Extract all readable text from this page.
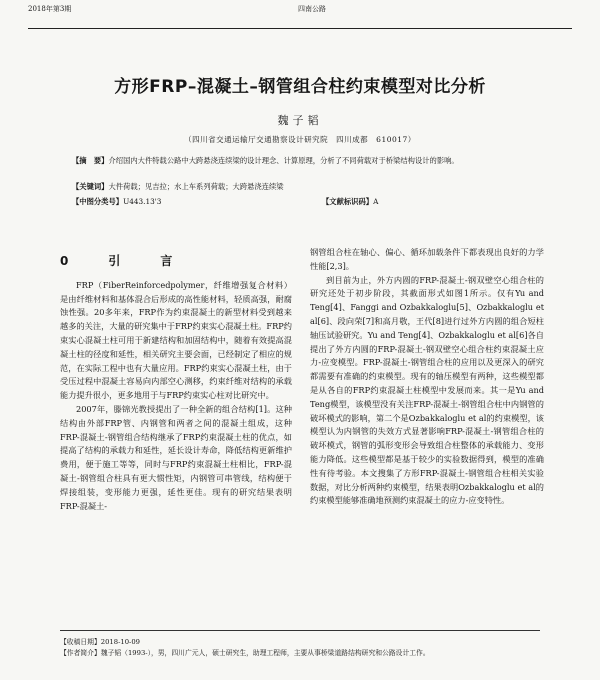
2018年第3期	四南公路
方形FRP–混凝土–钢管组合柱约束模型对比分析
魏子韬
（四川省交通运输厅交通勘察设计研究院　四川成都　610017）
【摘　要】介绍国内大件特载公路中大跨悬浇连续梁的设计理念、计算原理，分析了不同荷载对于桥梁结构设计的影响。
【关键词】大件荷载；见吉拉；水上车系列荷载；大跨悬浇连续梁
【中图分类号】U443.13'3	【文献标识码】A
0　引　言

FRP（FiberReinforcedpolymer，纤维增强复合材料）是由纤维材料和基体混合后形成的高性能材料，轻质高强，耐腐蚀性强。20多年来，FRP作为约束混凝土的新型材料受到越来越多的关注，大量的研究集中于FRP约束实心混凝土柱。FRP约束实心混凝土柱可用于新建结构和加固结构中，随着有效提高混凝土柱的径度和延性，相关研究主要会面，已经制定了相应的规范，在实际工程中也有大量应用。FRP约束实心混凝土柱，由于受压过程中混凝土容易向内部空心测移，约束纤维对结构的承载能力提升很小，更多地用于与FRP约束实心柱对比研究中。

2007年，滕锦光教授提出了一种全新的组合结构[1]。这种结构由外部FRP管、内钢管和两者之间的混凝土组成，这种FRP-混凝土-钢管组合结构继承了FRP约束混凝土柱的优点，如提高了结构的承载力和延性，延长设计寿命，降低结构更新维护费用，便于施工等等，同时与FRP约束混凝土柱相比，FRP-混凝土-钢管组合柱具有更大惯性矩，内钢管可串管线，结构便于焊接组装，变形能力更强，延性更佳。现有的研究结果表明FRP-混凝土-

钢管组合柱在轴心、偏心、循环加载条件下都表现出良好的力学性能[2,3]。

到目前为止，外方内圆的FRP-混凝土-钢双壁空心组合柱的研究还处于初步阶段，其截面形式如图1所示。仅有Yu and Teng[4]、Fanggi and Ozbakkaloglu[5]、Ozbakkaloglu et al[6]、段向荣[7]和高月敬，王代[8]进行过外方内圆的组合短柱轴压试验研究。Yu and Teng[4]、Ozbakkaloglu et al[6]各自提出了外方内圆的FRP-混凝土-钢双壁空心组合柱约束混凝土应力-应变模型。FRP-混凝土-钢管组合柱的应用以及更深入的研究都需要有准确的约束模型。现有的轴压模型有两种，这些模型都是从各自的FRP约束混凝土柱模型中发展而来。其一是Yu and Teng模型，该模型没有关注FRP-混凝土-钢管组合柱中内钢管的破坏模式的影响，第二个是Ozbakkaloglu et al的约束模型，该模型认为内钢管的失效方式显著影响FRP-混凝土-钢管组合柱的破坏模式，钢管的弧形变形会导致组合柱整体的承载能力、变形能力降低。这些模型都是基于较少的实验数据得到，模型的准确性有待考验。本文搜集了方形FRP-混凝土-钢管组合柱相关实验数据，对比分析两种约束模型，结果表明Ozbakkaloglu et al的约束模型能够准确地预测约束混凝土的应力-应变特性。

【收稿日期】2018-10-09
【作者简介】魏子韬（1993-），男，四川广元人，硕士研究生，助理工程师，主要从事桥梁道路结构研究和公路设计工作。
